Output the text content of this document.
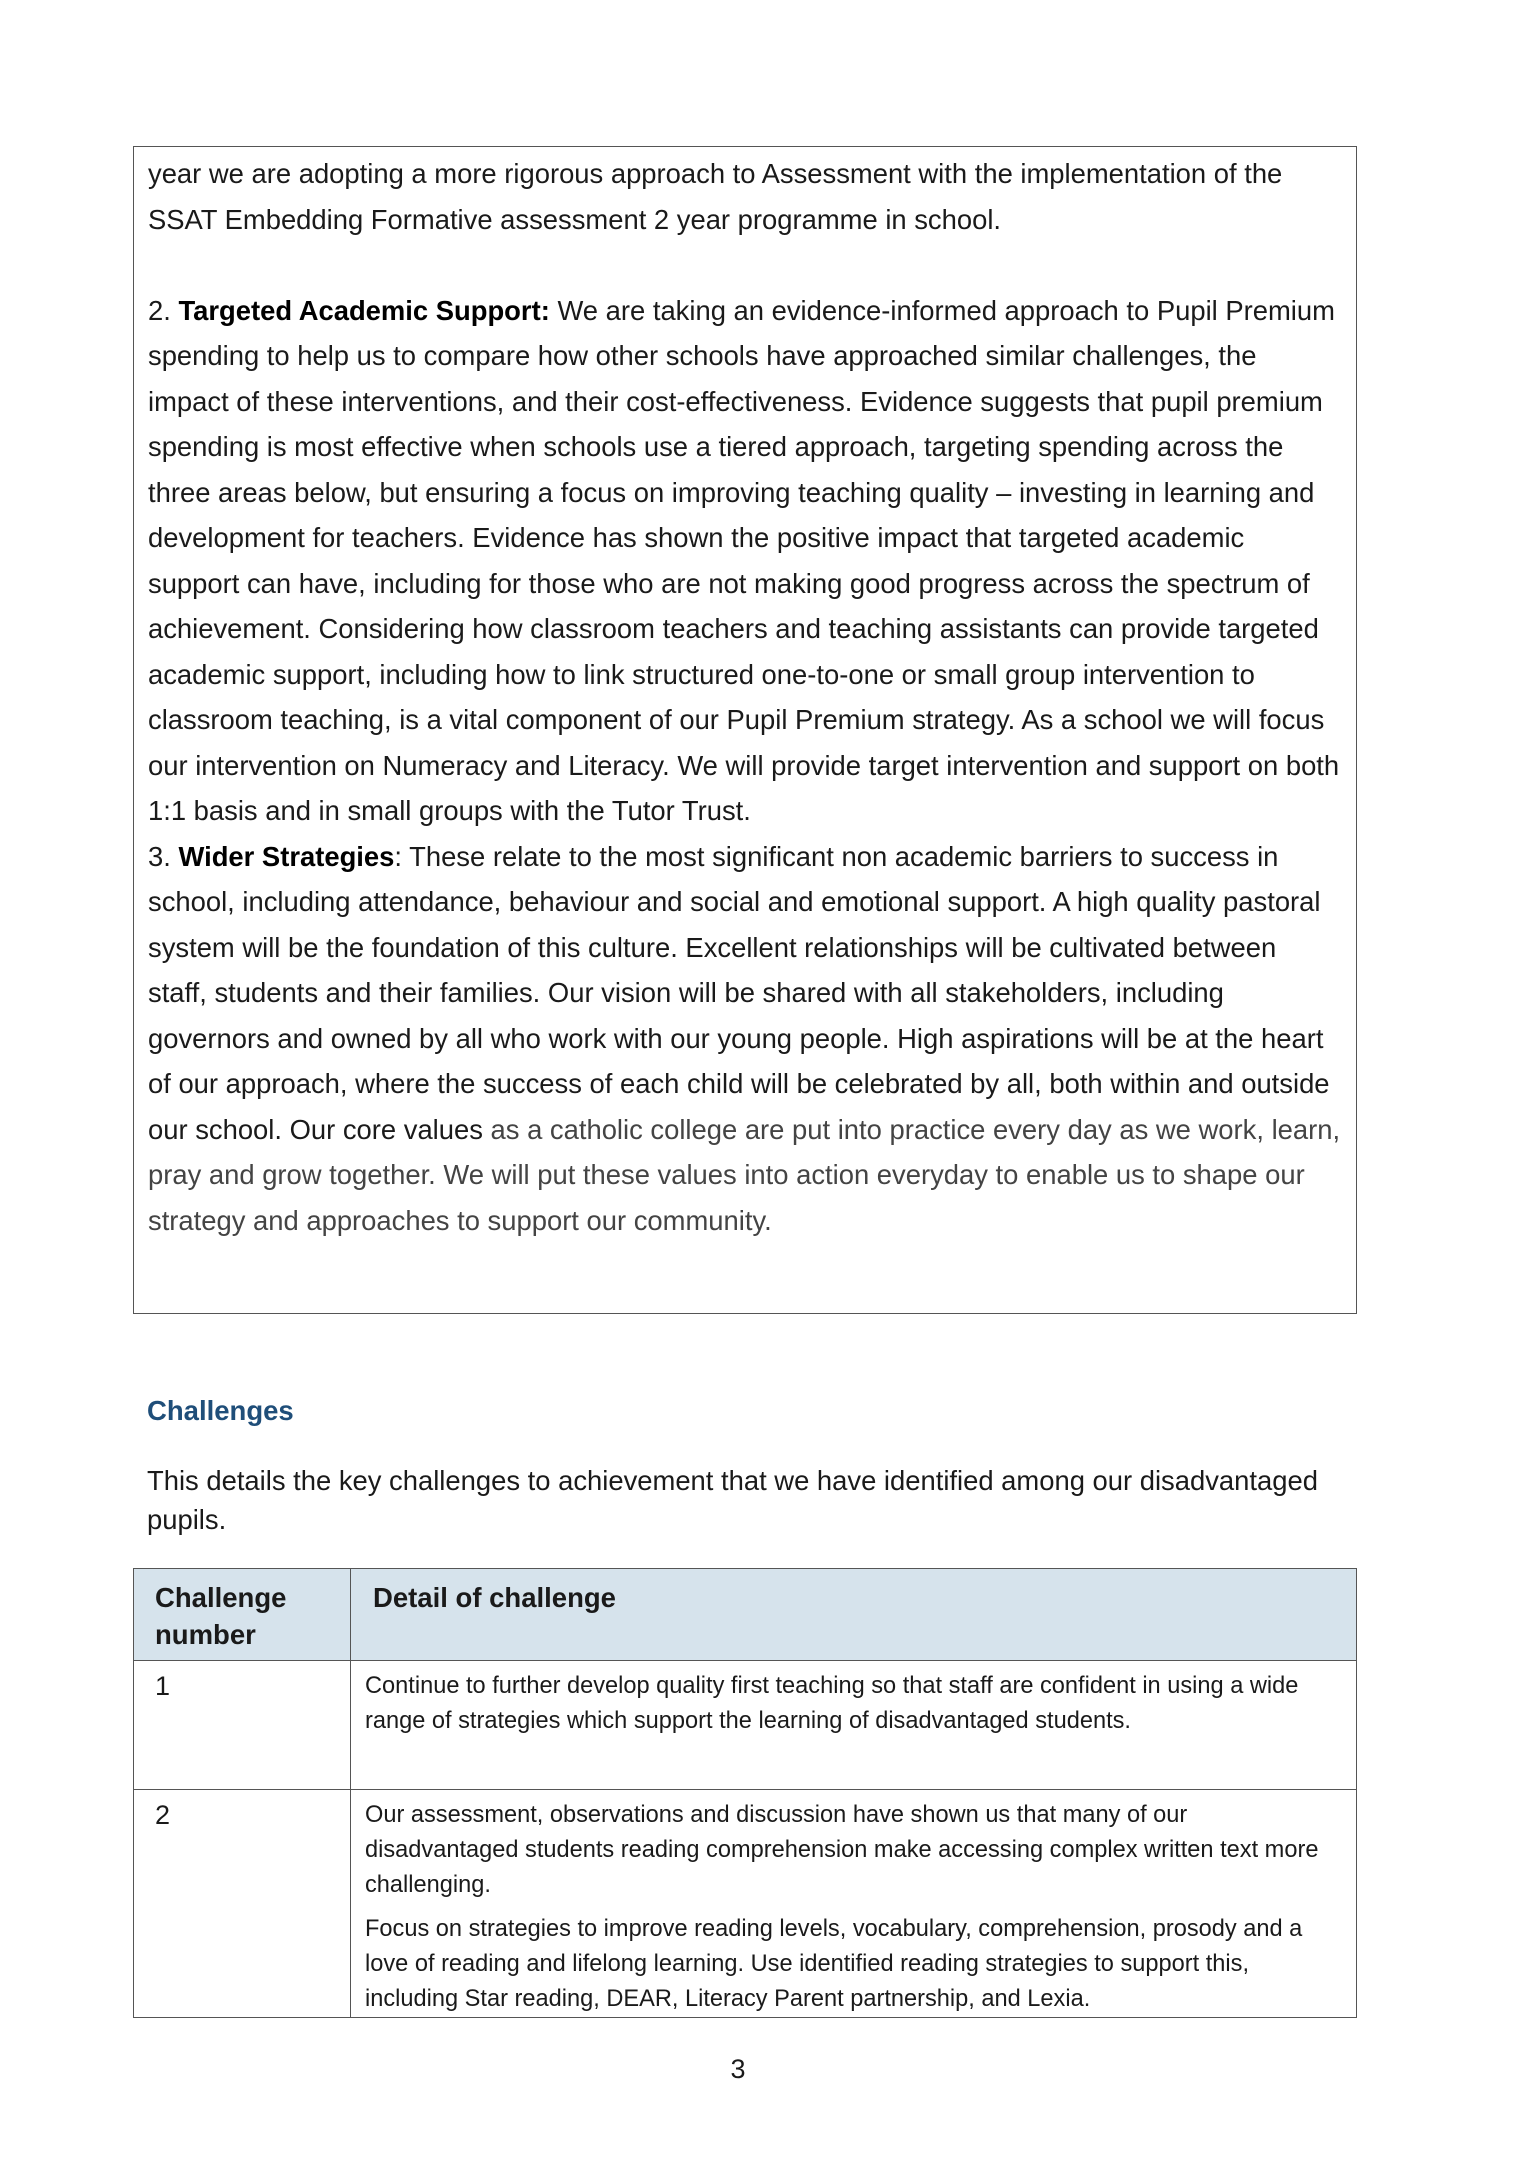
year we are adopting a more rigorous approach to Assessment with the implementation of the SSAT Embedding Formative assessment 2 year programme in school.

2. Targeted Academic Support: We are taking an evidence-informed approach to Pupil Premium spending to help us to compare how other schools have approached similar challenges, the impact of these interventions, and their cost-effectiveness. Evidence suggests that pupil premium spending is most effective when schools use a tiered approach, targeting spending across the three areas below, but ensuring a focus on improving teaching quality – investing in learning and development for teachers. Evidence has shown the positive impact that targeted academic support can have, including for those who are not making good progress across the spectrum of achievement. Considering how classroom teachers and teaching assistants can provide targeted academic support, including how to link structured one-to-one or small group intervention to classroom teaching, is a vital component of our Pupil Premium strategy. As a school we will focus our intervention on Numeracy and Literacy. We will provide target intervention and support on both 1:1 basis and in small groups with the Tutor Trust.

3. Wider Strategies: These relate to the most significant non academic barriers to success in school, including attendance, behaviour and social and emotional support. A high quality pastoral system will be the foundation of this culture. Excellent relationships will be cultivated between staff, students and their families. Our vision will be shared with all stakeholders, including governors and owned by all who work with our young people. High aspirations will be at the heart of our approach, where the success of each child will be celebrated by all, both within and outside our school. Our core values as a catholic college are put into practice every day as we work, learn, pray and grow together. We will put these values into action everyday to enable us to shape our strategy and approaches to support our community.

Challenges

This details the key challenges to achievement that we have identified among our disadvantaged pupils.

Challenge number	Detail of challenge
1	Continue to further develop quality first teaching so that staff are confident in using a wide range of strategies which support the learning of disadvantaged students.

2	Our assessment, observations and discussion have shown us that many of our disadvantaged students reading comprehension make accessing complex written text more challenging.

Focus on strategies to improve reading levels, vocabulary, comprehension, prosody and a love of reading and lifelong learning. Use identified reading strategies to support this, including Star reading, DEAR, Literacy Parent partnership, and Lexia.

3
